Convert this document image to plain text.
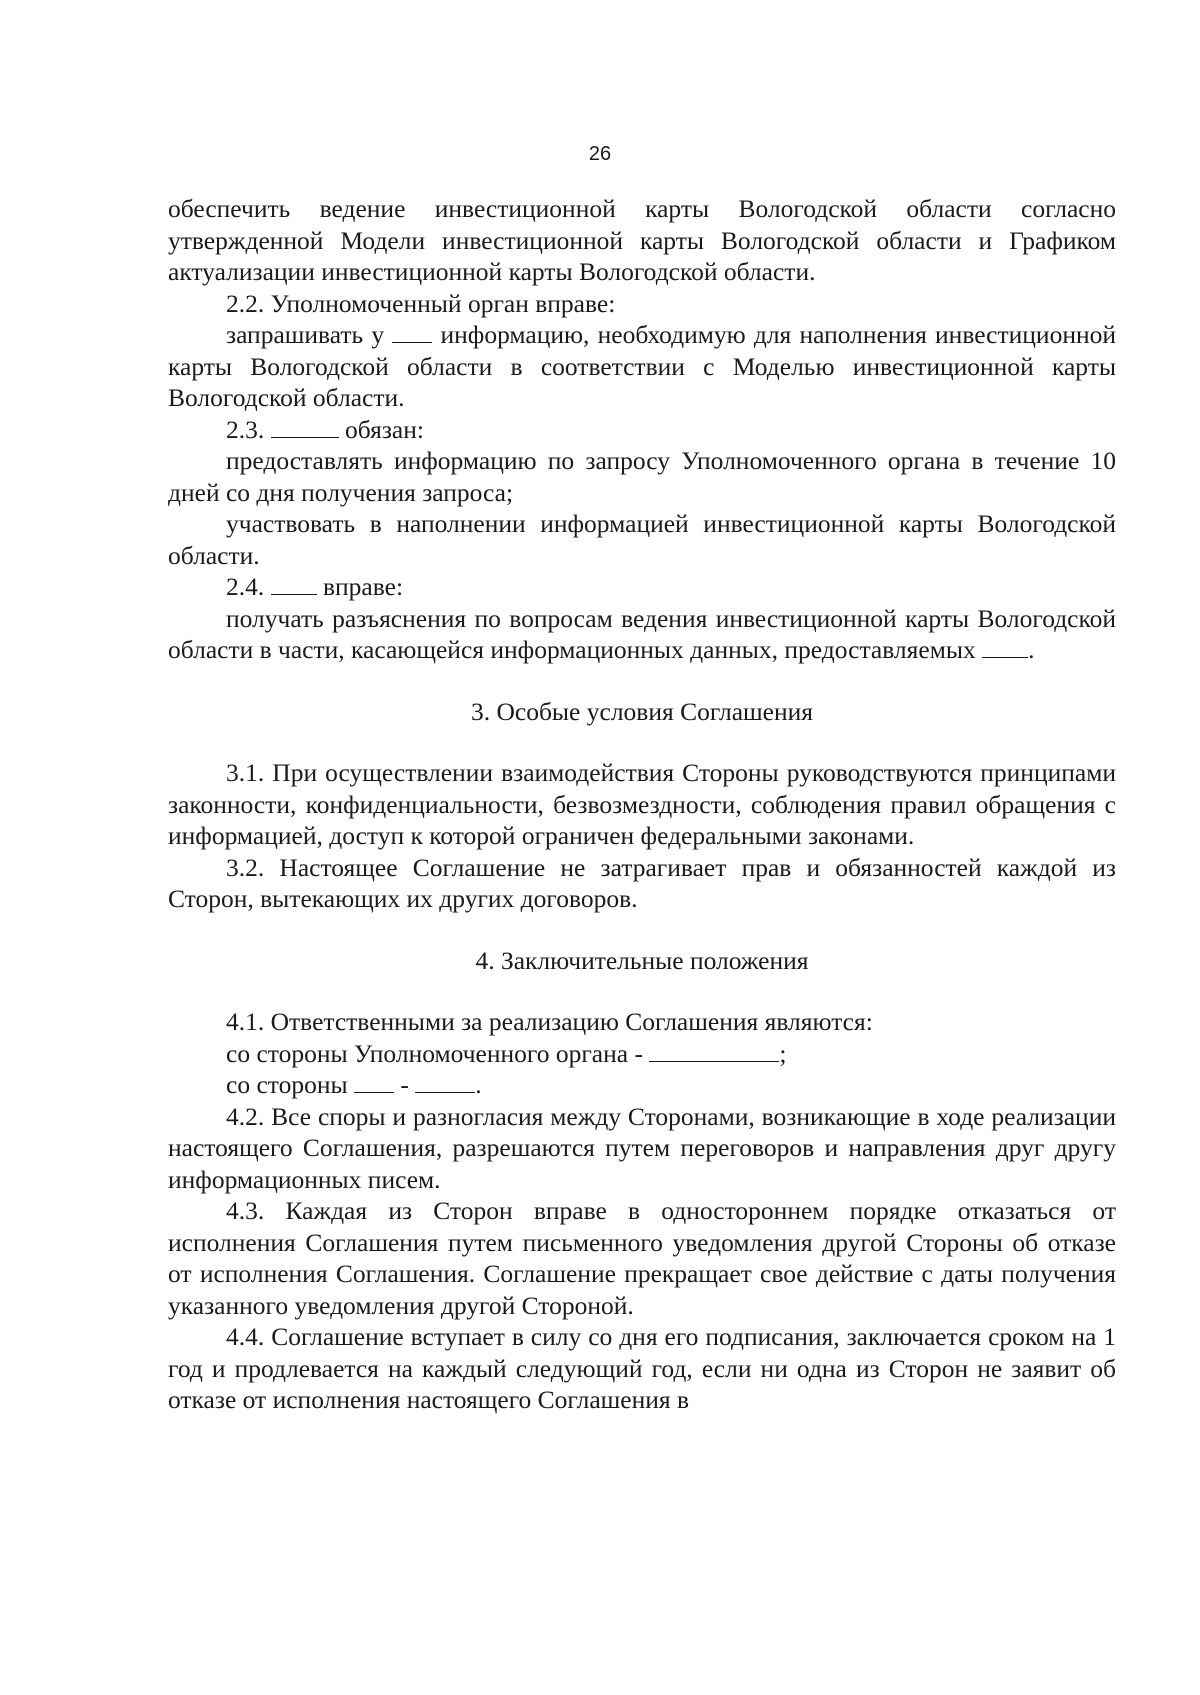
26

обеспечить ведение инвестиционной карты Вологодской области согласно утвержденной Модели инвестиционной карты Вологодской области и Графиком актуализации инвестиционной карты Вологодской области.

2.2. Уполномоченный орган вправе:

запрашивать у информацию, необходимую для наполнения инвестиционной карты Вологодской области в соответствии с Моделью инвестиционной карты Вологодской области.

2.3.	обязан:

предоставлять информацию по запросу Уполномоченного органа в течение 10 дней со дня получения запроса;

участвовать в наполнении информацией инвестиционной карты Вологодской области.

2.4. вправе:

получать разъяснения по вопросам ведения инвестиционной карты Вологодской области в части, касающейся информационных данных, предоставляемых .

3. Особые условия Соглашения

3.1. При осуществлении взаимодействия Стороны руководствуются принципами законности, конфиденциальности, безвозмездности, соблюдения правил обращения с информацией, доступ к которой ограничен федеральными законами.

3.2. Настоящее Соглашение не затрагивает прав и обязанностей каждой из Сторон, вытекающих их других договоров.

4. Заключительные положения

4.1. Ответственными за реализацию Соглашения являются:

со стороны Уполномоченного органа -	;

со стороны -	.

4.2. Все споры и разногласия между Сторонами, возникающие в ходе реализации настоящего Соглашения, разрешаются путем переговоров и направления друг другу информационных писем.

4.3. Каждая из Сторон вправе в одностороннем порядке отказаться от исполнения Соглашения путем письменного уведомления другой Стороны об отказе от исполнения Соглашения. Соглашение прекращает свое действие с даты получения указанного уведомления другой Стороной.

4.4. Соглашение вступает в силу со дня его подписания, заключается сроком на 1 год и продлевается на каждый следующий год, если ни одна из Сторон не заявит об отказе от исполнения настоящего Соглашения в
